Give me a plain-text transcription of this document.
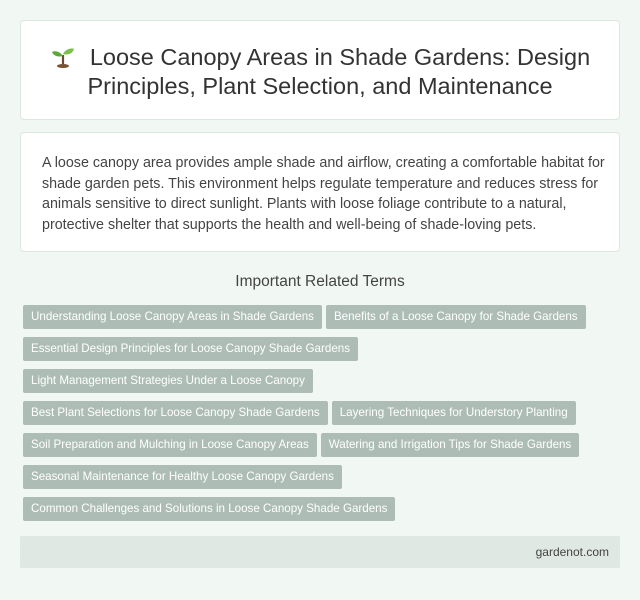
Loose Canopy Areas in Shade Gardens: Design Principles, Plant Selection, and Maintenance

A loose canopy area provides ample shade and airflow, creating a comfortable habitat for shade garden pets. This environment helps regulate temperature and reduces stress for animals sensitive to direct sunlight. Plants with loose foliage contribute to a natural, protective shelter that supports the health and well-being of shade-loving pets.

Important Related Terms
Understanding Loose Canopy Areas in Shade Gardens Benefits of a Loose Canopy for Shade Gardens
Essential Design Principles for Loose Canopy Shade Gardens
Light Management Strategies Under a Loose Canopy
Best Plant Selections for Loose Canopy Shade Gardens Layering Techniques for Understory Planting
Soil Preparation and Mulching in Loose Canopy Areas Watering and Irrigation Tips for Shade Gardens
Seasonal Maintenance for Healthy Loose Canopy Gardens
Common Challenges and Solutions in Loose Canopy Shade Gardens
gardenot.com
